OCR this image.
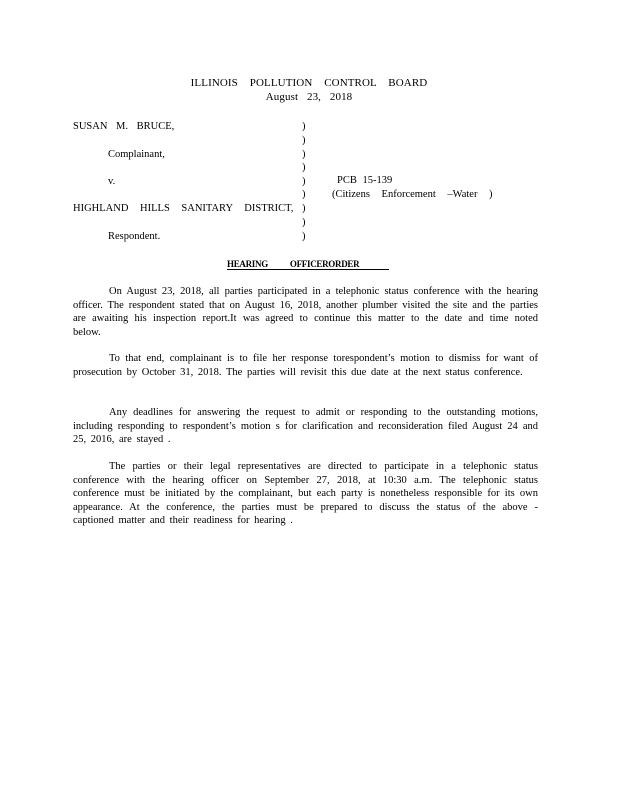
ILLINOIS POLLUTION CONTROL BOARD
August 23, 2018
SUSAN M. BRUCE,
Complainant,
v.
HIGHLAND HILLS SANITARY DISTRICT,
Respondent.
)
)
)
)
)
)
)
)
)
PCB 15-139
(Citizens Enforcement –Water )
HEARING OFFICERORDER
On August 23, 2018, all parties participated in a telephonic status conference with the hearing officer. The respondent stated that on August 16, 2018, another plumber visited the site and the parties are awaiting his inspection report.It was agreed to continue this matter to the date and time noted below.
To that end, complainant is to file her response torespondent’s motion to dismiss for want of prosecution by October 31, 2018. The parties will revisit this due date at the next status conference.
Any deadlines for answering the request to admit or responding to the outstanding motions, including responding to respondent’s motion s for clarification and reconsideration filed August 24 and 25, 2016, are stayed .
The parties or their legal representatives are directed to participate in a telephonic status conference with the hearing officer on September 27, 2018, at 10:30 a.m. The telephonic status conference must be initiated by the complainant, but each party is nonetheless responsible for its own appearance. At the conference, the parties must be prepared to discuss the status of the above -captioned matter and their readiness for hearing .
